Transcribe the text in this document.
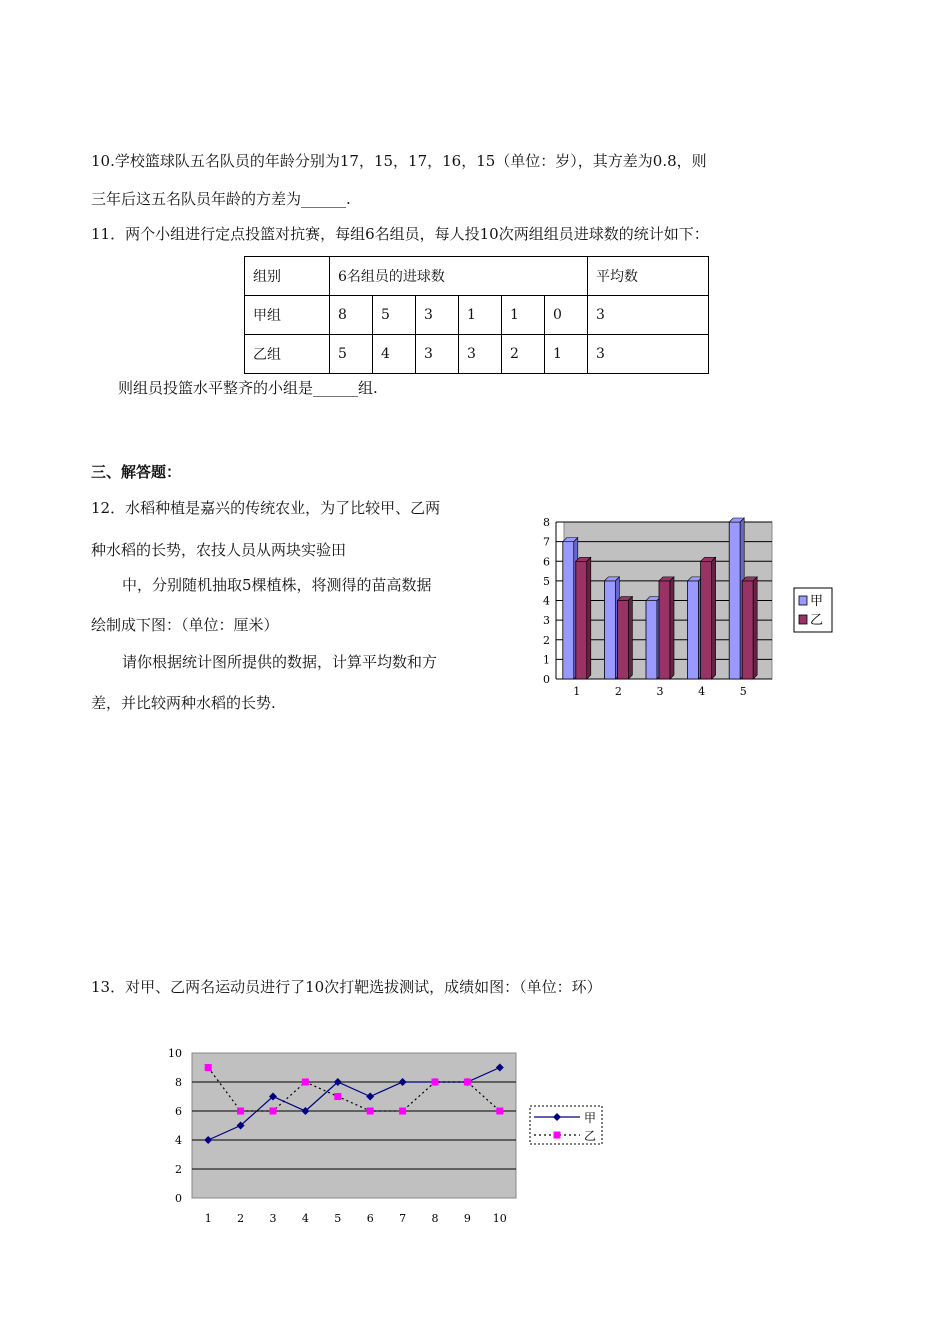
10.学校篮球队五名队员的年龄分别为17，15，17，16，15（单位：岁），其方差为0.8，则
三年后这五名队员年龄的方差为______.
11．两个小组进行定点投篮对抗赛，每组6名组员，每人投10次两组组员进球数的统计如下：
组别	6名组员的进球数						平均数
甲组	8	5	3	1	1	0	3
乙组	5	4	3	3	2	1	3
则组员投篮水平整齐的小组是______组.
三、解答题：
12．水稻种植是嘉兴的传统农业，为了比较甲、乙两
种水稻的长势，农技人员从两块实验田
中，分别随机抽取5棵植株，将测得的苗高数据
绘制成下图：（单位：厘米）
请你根据统计图所提供的数据，计算平均数和方
差，并比较两种水稻的长势.
0
1
2
3
4
5
6
7
8
1	2	3	4	5
甲
乙
13．对甲、乙两名运动员进行了10次打靶选拔测试，成绩如图：（单位：环）
0
2
4
6
8
10
1 2 3 4 5 6 7 8 9 10
甲
乙
